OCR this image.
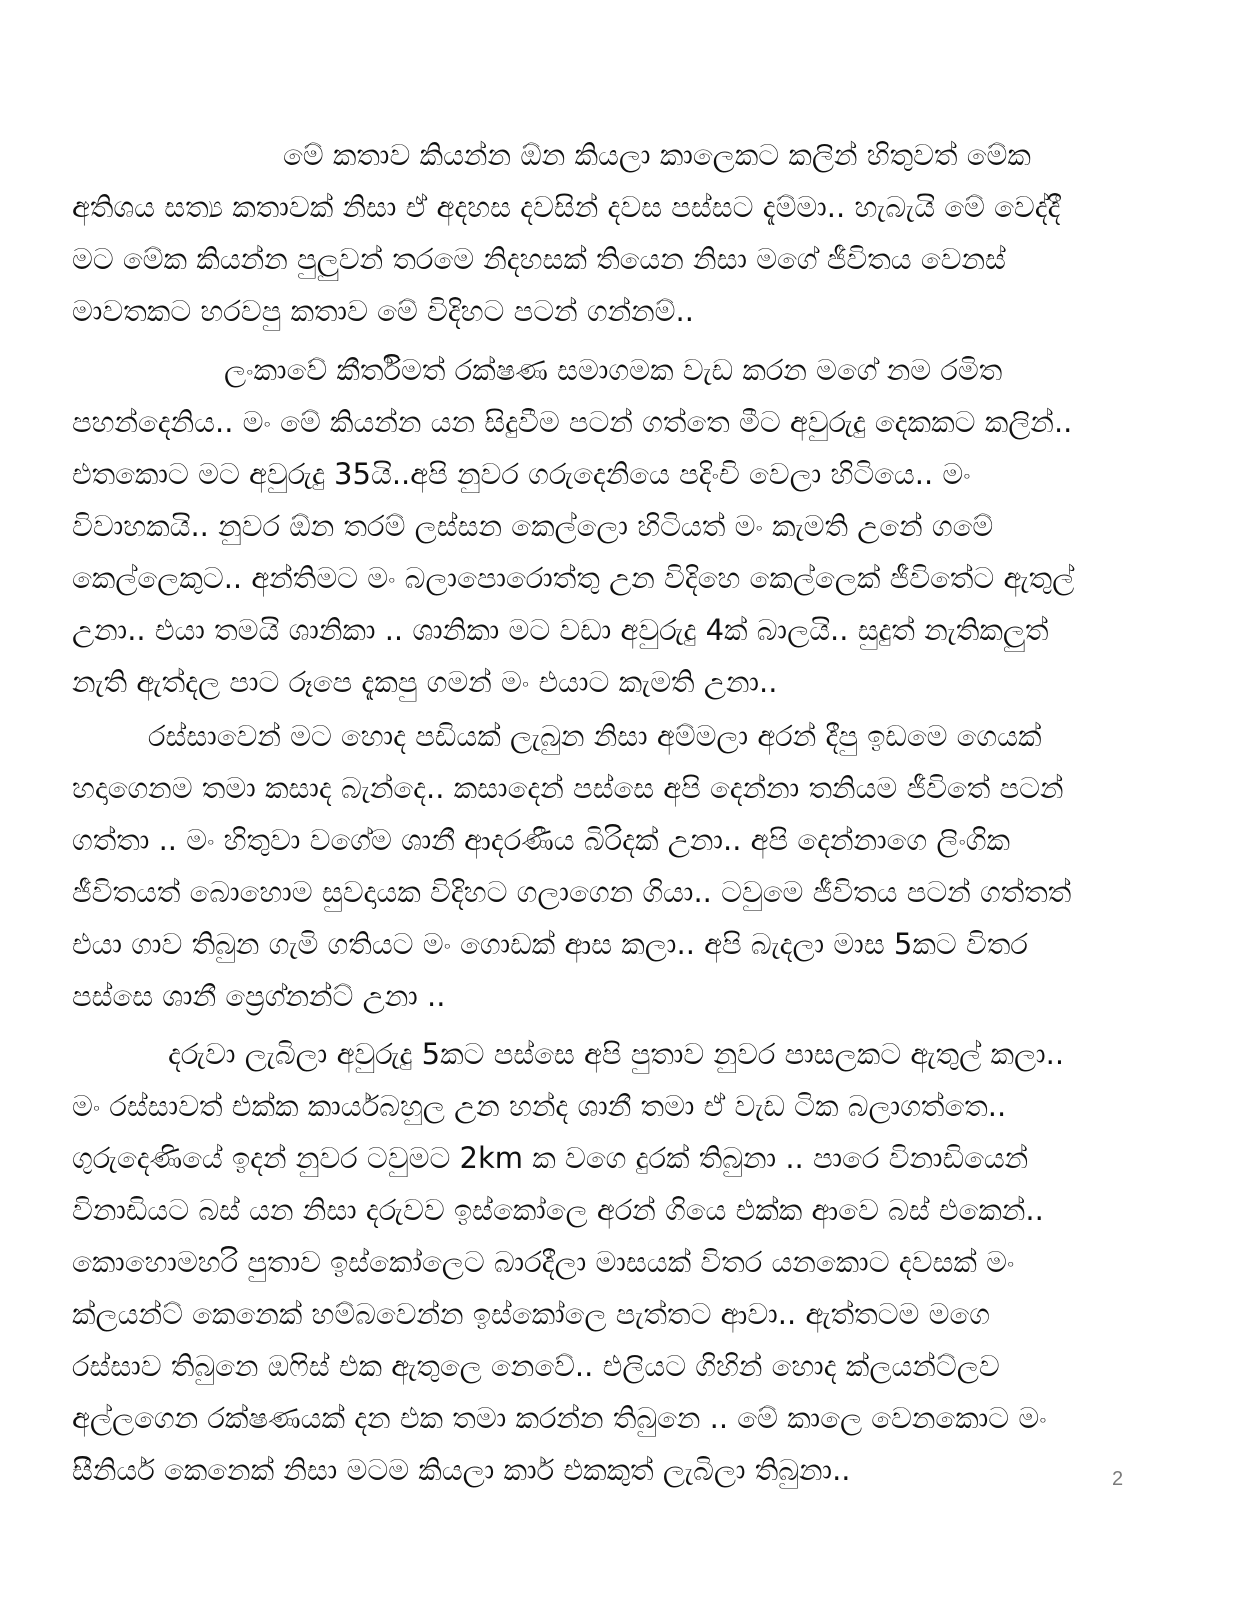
මේ කතාව කියන්න ඕන කියලා කාලෙකට කලින් හිතුවත් මේක

අතිශය සත්‍ය කතාවක් නිසා ඒ අදහස දවසින් දවස පස්සට දැම්මා.. හැබැයි මේ වෙද්දී

මට මේක කියන්න පුලුවන් තරමෙ නිදහසක් තියෙන නිසා මගේ ජීවිතය වෙනස්

මාවතකට හරවපු කතාව මේ විදිහට පටන් ගන්නම්..

ලංකාවේ කීර්තිමත් රක්ෂණ සමාගමක වැඩ කරන මගේ නම රමිත

පහන්දෙනිය.. මං මේ කියන්න යන සිදුවීම පටන් ගත්තෙ මීට අවුරුදු දෙකකට කලින්..

එතකොට මට අවුරුදු 35යි..අපි නුවර ගරුදෙනියෙ පදිංචි වෙලා හිටියෙ.. මං

විවාහකයි.. නුවර ඕන තරම් ලස්සන කෙල්ලො හිටියත් මං කැමති උනේ ගමේ

කෙල්ලෙකුට.. අන්තිමට මං බලාපොරොත්තු උන විදිහෙ කෙල්ලෙක් ජීවිතේට ඇතුල්

උනා.. එයා තමයි ශානිකා .. ශානිකා මට වඩා අවුරුදු 4ක් බාලයි.. සුදුත් නැතිකලුත්

නැති ඇත්දල පාට රූපෙ දැකපු ගමන් මං එයාට කැමති උනා..

රස්සාවෙන් මට හොද පඩියක් ලැබුන නිසා අම්මලා අරන් දීපු ඉඩමෙ ගෙයක්

හදාගෙනම තමා කසාද බැන්දෙ.. කසාදෙන් පස්සෙ අපි දෙන්නා තනියම ජීවිතේ පටන්

ගත්තා .. මං හිතුවා වගේම ශානී ආදරණීය බිරිදක් උනා.. අපි දෙන්නාගෙ ලිංගික

ජීවිතයත් බොහොම සුවදායක විදිහට ගලාගෙන ගියා.. ටවුමෙ ජීවිතය පටන් ගත්තත්

එයා ගාව තිබුන ගැමි ගතියට මං ගොඩක් ආස කලා.. අපි බැදලා මාස 5කට විතර

පස්සෙ ශානී ප්‍රෙග්නන්ට් උනා ..

දරුවා ලැබිලා අවුරුදු 5කට පස්සෙ අපි පුතාව නුවර පාසලකට ඇතුල් කලා..

මං රස්සාවත් එක්ක කාර්යබහුල උන හන්ද ශානී තමා ඒ වැඩ ටික බලාගත්තෙ..

ගුරුදෙණියේ ඉදන් නුවර ටවුමට 2km ක වගෙ දුරක් තිබුනා .. පාරෙ විනාඩියෙන්

විනාඩියට බස් යන නිසා දරුවව ඉස්කෝලෙ අරන් ගියෙ එක්ක ආවෙ බස් එකෙන්..

කොහොමහරි පුතාව ඉස්කෝලෙට බාරදීලා මාසයක් විතර යනකොට දවසක් මං

ක්ලයන්ට් කෙනෙක් හම්බවෙන්න ඉස්කෝලෙ පැත්තට ආවා.. ඇත්තටම මගෙ

රස්සාව තිබුනෙ ඔෆිස් එක ඇතුලෙ නෙවේ.. එලියට ගිහින් හොද ක්ලයන්ට්ලව

අල්ලගෙන රක්ෂණයක් දන එක තමා කරන්න තිබුනෙ .. මේ කාලෙ වෙනකොට මං

සීනියර් කෙනෙක් නිසා මටම කියලා කාර් එකකුත් ලැබිලා තිබුනා..	2
